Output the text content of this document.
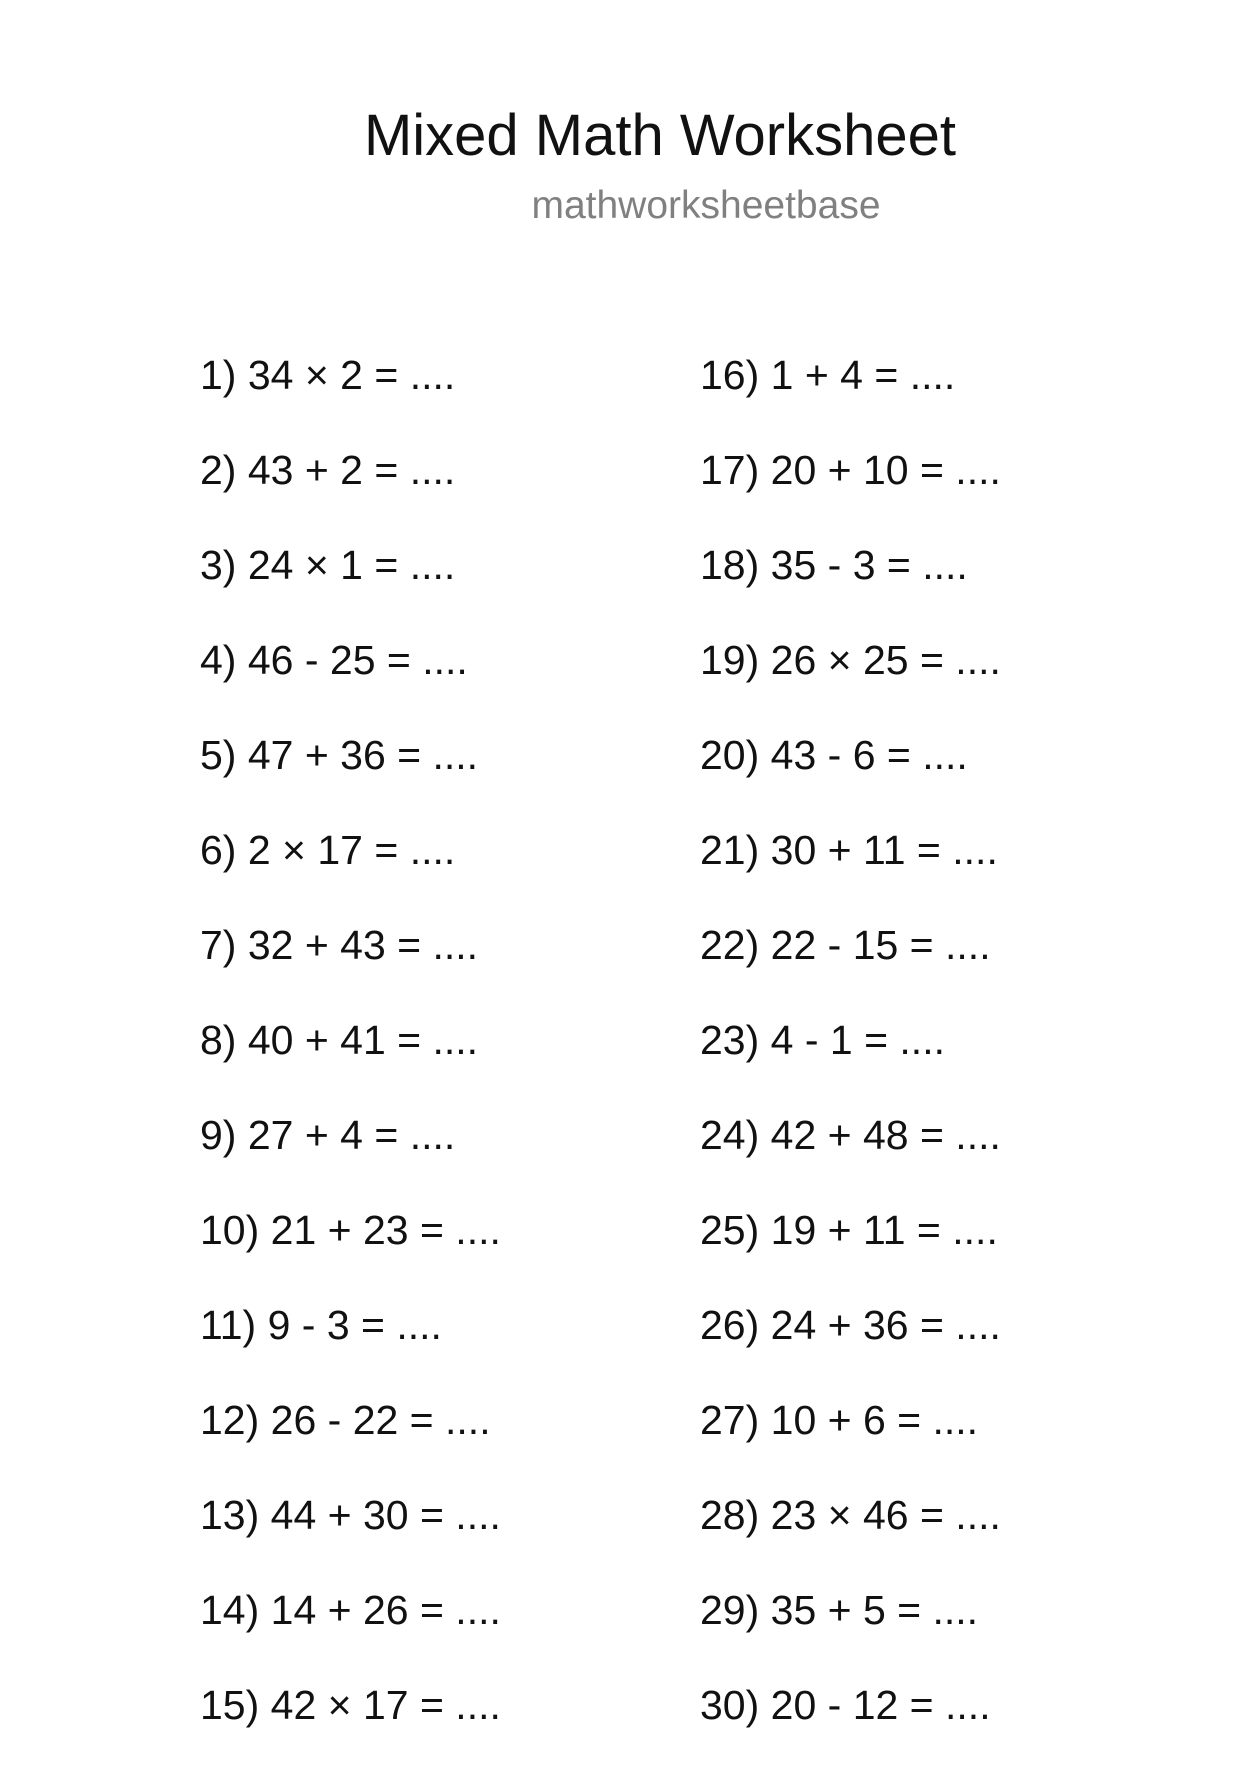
Mixed Math Worksheet
mathworksheetbase
1) 34 × 2 = ....
2) 43 + 2 = ....
3) 24 × 1 = ....
4) 46 - 25 = ....
5) 47 + 36 = ....
6) 2 × 17 = ....
7) 32 + 43 = ....
8) 40 + 41 = ....
9) 27 + 4 = ....
10) 21 + 23 = ....
11) 9 - 3 = ....
12) 26 - 22 = ....
13) 44 + 30 = ....
14) 14 + 26 = ....
15) 42 × 17 = ....
16) 1 + 4 = ....
17) 20 + 10 = ....
18) 35 - 3 = ....
19) 26 × 25 = ....
20) 43 - 6 = ....
21) 30 + 11 = ....
22) 22 - 15 = ....
23) 4 - 1 = ....
24) 42 + 48 = ....
25) 19 + 11 = ....
26) 24 + 36 = ....
27) 10 + 6 = ....
28) 23 × 46 = ....
29) 35 + 5 = ....
30) 20 - 12 = ....
